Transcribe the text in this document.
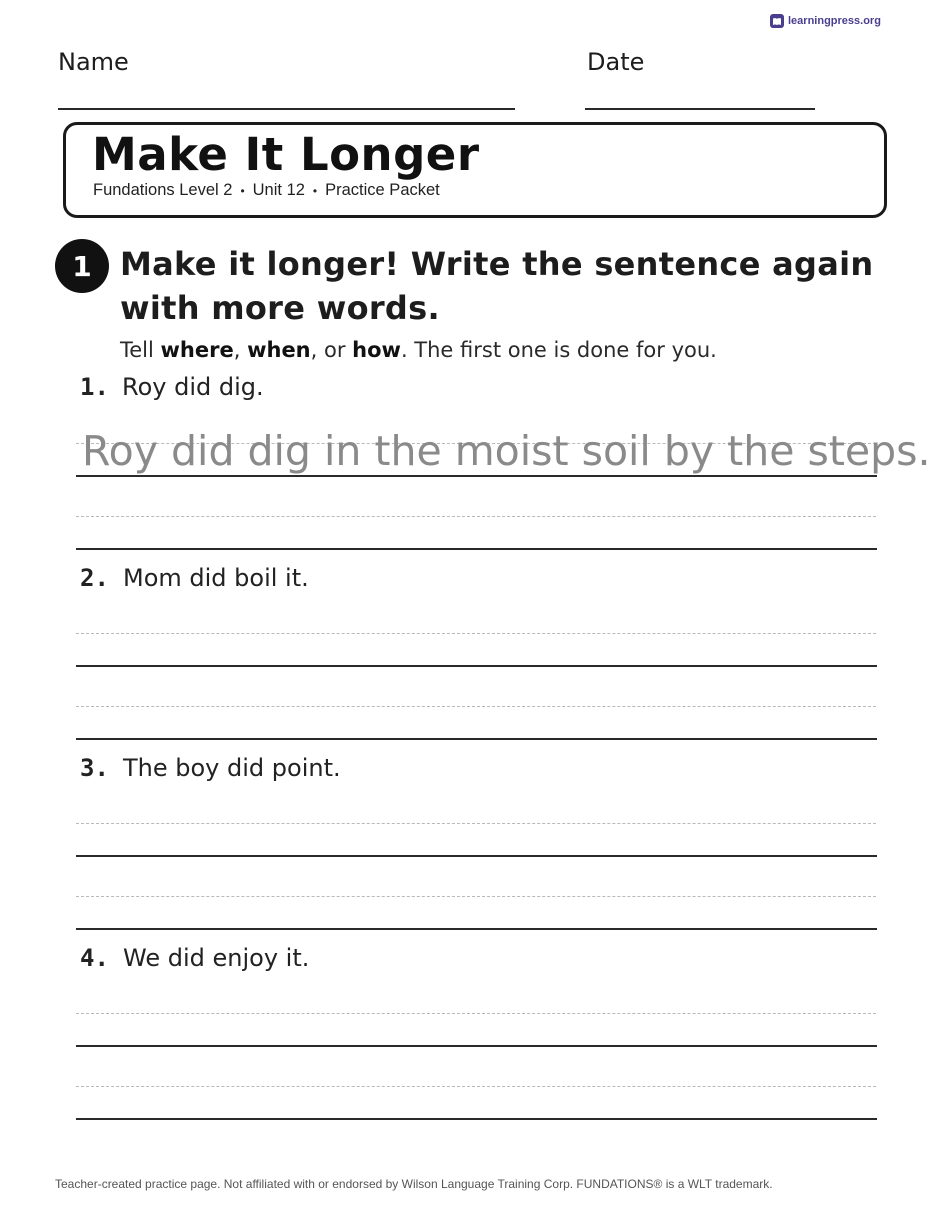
learningpress.org
Name	Date
Make It Longer
Fundations Level 2 • Unit 12 • Practice Packet
1 Make it longer! Write the sentence again
with more words.
Tell where, when, or how. The first one is done for you.
1. Roy did dig.
Roy did dig in the moist soil by the steps.
2. Mom did boil it.
3. The boy did point.
4. We did enjoy it.
Teacher-created practice page. Not affiliated with or endorsed by Wilson Language Training Corp. FUNDATIONS® is a WLT trademark.
